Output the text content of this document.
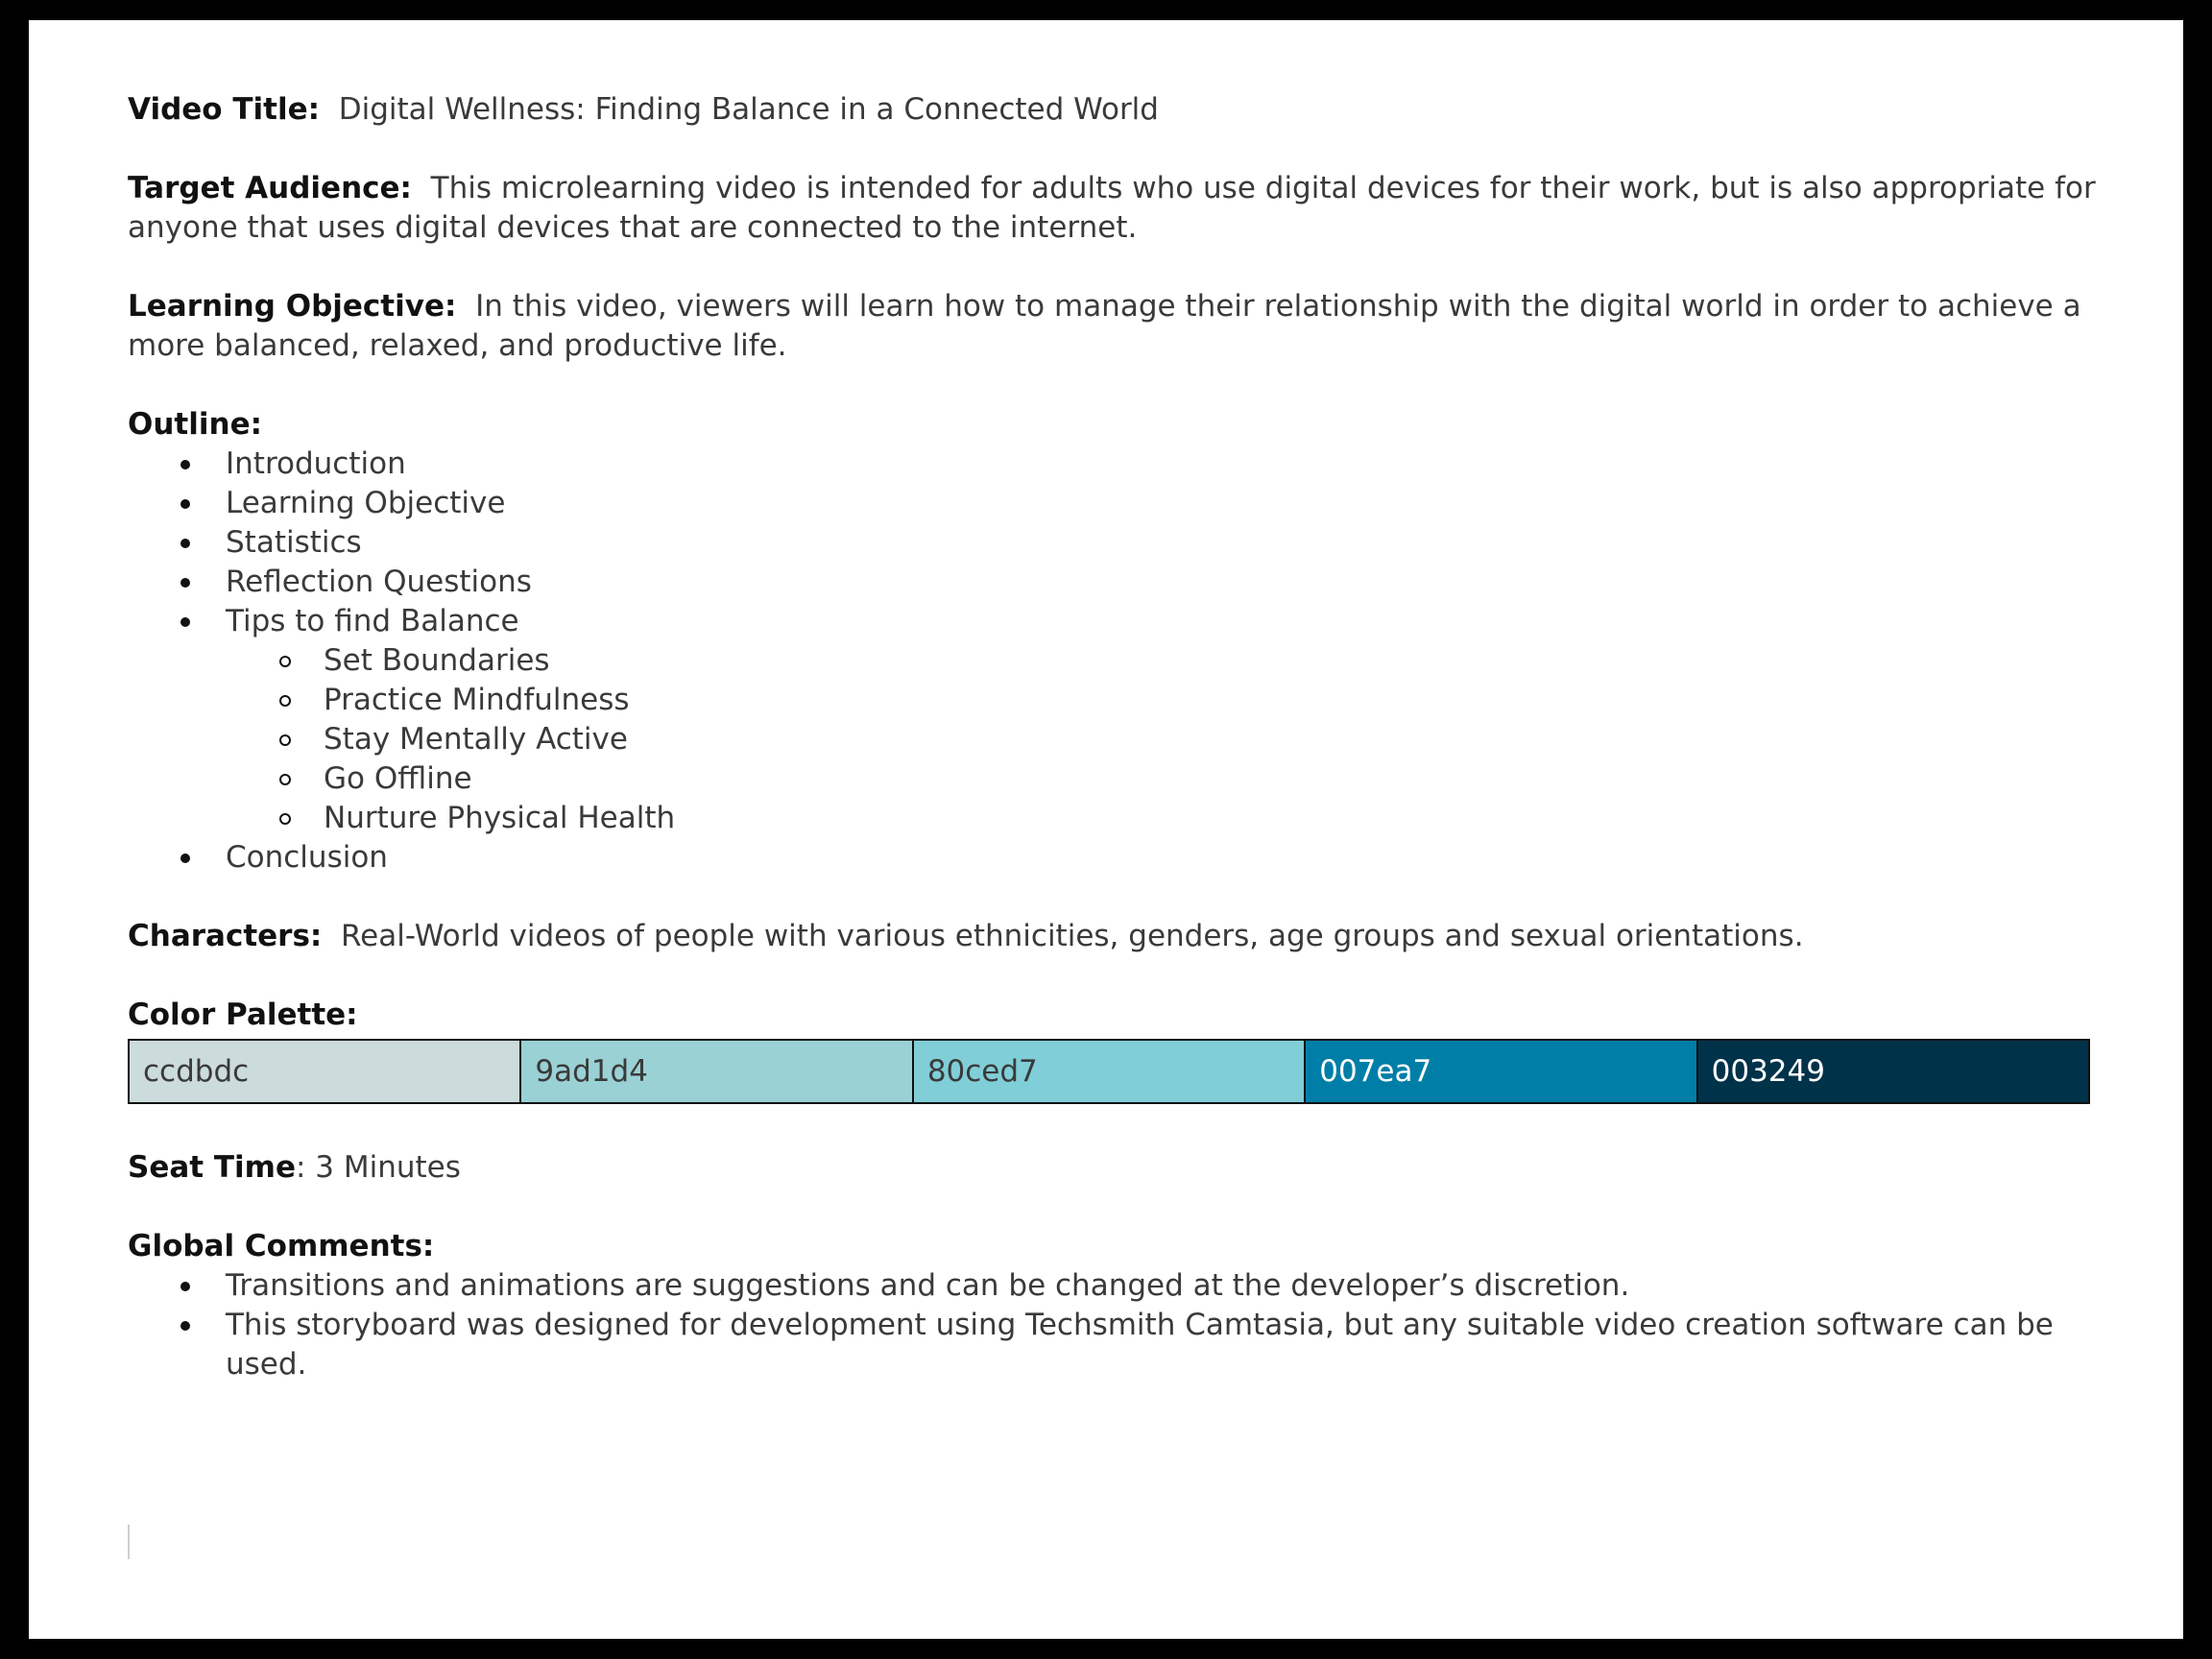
Video Title: Digital Wellness: Finding Balance in a Connected World

Target Audience: This microlearning video is intended for adults who use digital devices for their work, but is also appropriate for anyone that uses digital devices that are connected to the internet.

Learning Objective: In this video, viewers will learn how to manage their relationship with the digital world in order to achieve a more balanced, relaxed, and productive life.

Outline:

Introduction
Learning Objective
Statistics
Reflection Questions
Tips to find Balance
Set Boundaries
Practice Mindfulness
Stay Mentally Active
Go Offline
Nurture Physical Health
Conclusion

Characters: Real-World videos of people with various ethnicities, genders, age groups and sexual orientations.

Color Palette:

ccdbdc	9ad1d4	80ced7	007ea7	003249

Seat Time: 3 Minutes

Global Comments:

Transitions and animations are suggestions and can be changed at the developer’s discretion.
This storyboard was designed for development using Techsmith Camtasia, but any suitable video creation software can be used.
